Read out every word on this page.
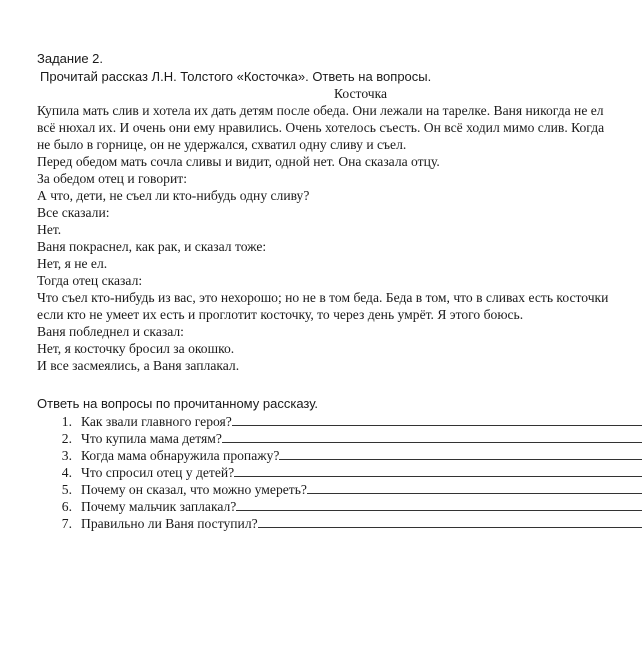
Задание 2.
Прочитай рассказ Л.Н. Толстого «Косточка». Ответь на вопросы.
Косточка
Купила мать слив и хотела их дать детям после обеда. Они лежали на тарелке. Ваня никогда не ел
всё нюхал их. И очень они ему нравились. Очень хотелось съесть. Он всё ходил мимо слив. Когда
не было в горнице, он не удержался, схватил одну сливу и съел.
Перед обедом мать сочла сливы и видит, одной нет. Она сказала отцу.
За обедом отец и говорит:
А что, дети, не съел ли кто-нибудь одну сливу?
Все сказали:
Нет.
Ваня покраснел, как рак, и сказал тоже:
Нет, я не ел.
Тогда отец сказал:
Что съел кто-нибудь из вас, это нехорошо; но не в том беда. Беда в том, что в сливах есть косточки
если кто не умеет их есть и проглотит косточку, то через день умрёт. Я этого боюсь.
Ваня побледнел и сказал:
Нет, я косточку бросил за окошко.
И все засмеялись, а Ваня заплакал.
Ответь на вопросы по прочитанному рассказу.
1. Как звали главного героя?
2. Что купила мама детям?
3. Когда мама обнаружила пропажу?
4. Что спросил отец у детей?
5. Почему он сказал, что можно умереть?
6. Почему мальчик заплакал?
7. Правильно ли Ваня поступил?
